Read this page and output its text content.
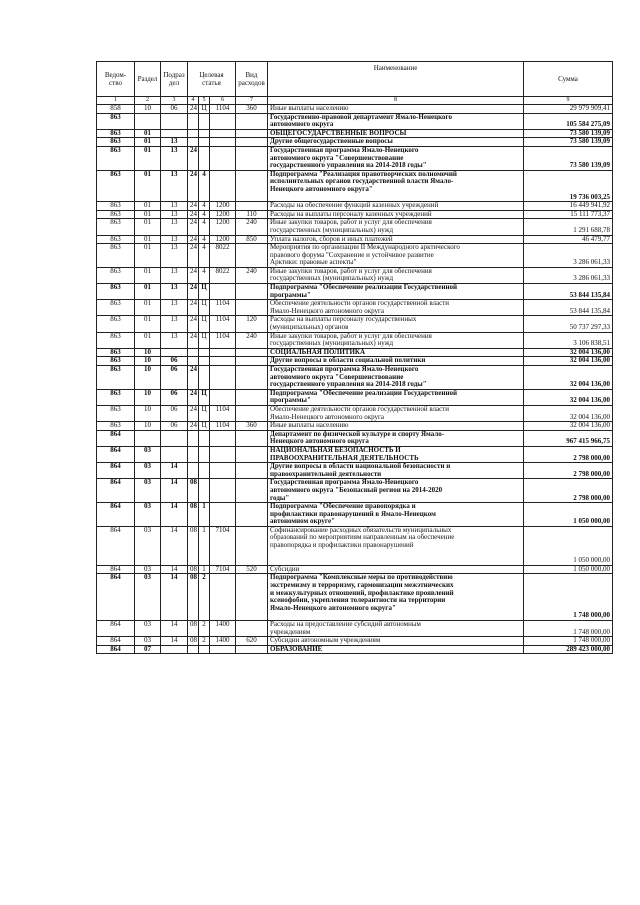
Ведом-ство	Раздел	Подраз дел	Целевая статья			Вид расходов	Наименование	Сумма
1	2	3	4	5	6	7	8	9
858	10	06	24	Ц	1104	360	Иные выплаты населению	29 979 909,41
863							Государственно-правовой департамент Ямало-Ненецкого
автономного округа	105 584 275,09
863	01						ОБЩЕГОСУДАРСТВЕННЫЕ ВОПРОСЫ	73 580 139,09
863	01	13					Другие общегосударственные вопросы	73 580 139,09
863	01	13	24				Государственная программа Ямало-Ненецкого
автономного округа "Совершенствование
государственного управления на 2014-2018 годы"	73 580 139,09
863	01	13	24	4			Подпрограмма "Реализация правотворческих полномочий
исполнительных органов государственной власти Ямало-
Ненецкого автономного округа"	19 736 003,25
863	01	13	24	4	1200		Расходы на обеспечение функций казенных учреждений	16 449 941,92
863	01	13	24	4	1200	110	Расходы на выплаты персоналу казенных учреждений	15 111 773,37
863	01	13	24	4	1200	240	Иные закупки товаров, работ и услуг для обеспечения
государственных (муниципальных) нужд	1 291 688,78
863	01	13	24	4	1200	850	Уплата налогов, сборов и иных платежей	46 479,77
863	01	13	24	4	8022		Мероприятия по организации II Международного арктического
правового форума "Сохранение и устойчивое развитие
Арктики: правовые аспекты"	3 286 061,33
863	01	13	24	4	8022	240	Иные закупки товаров, работ и услуг для обеспечения
государственных (муниципальных) нужд	3 286 061,33
863	01	13	24	Ц			Подпрограмма "Обеспечение реализации Государственной
программы"	53 844 135,84
863	01	13	24	Ц	1104		Обеспечение деятельности органов государственной власти
Ямало-Ненецкого автономного округа	53 844 135,84
863	01	13	24	Ц	1104	120	Расходы на выплаты персоналу государственных
(муниципальных) органов	50 737 297,33
863	01	13	24	Ц	1104	240	Иные закупки товаров, работ и услуг для обеспечения
государственных (муниципальных) нужд	3 106 838,51
863	10						СОЦИАЛЬНАЯ ПОЛИТИКА	32 004 136,00
863	10	06					Другие вопросы в области социальной политики	32 004 136,00
863	10	06	24				Государственная программа Ямало-Ненецкого
автономного округа "Совершенствование
государственного управления на 2014-2018 годы"	32 004 136,00
863	10	06	24	Ц			Подпрограмма "Обеспечение реализации Государственной
программы"	32 004 136,00
863	10	06	24	Ц	1104		Обеспечение деятельности органов государственной власти
Ямало-Ненецкого автономного округа	32 004 136,00
863	10	06	24	Ц	1104	360	Иные выплаты населению	32 004 136,00
864							Департамент по физической культуре и спорту Ямало-
Ненецкого автономного округа	967 415 966,75
864	03						НАЦИОНАЛЬНАЯ БЕЗОПАСНОСТЬ И
ПРАВООХРАНИТЕЛЬНАЯ ДЕЯТЕЛЬНОСТЬ	2 798 000,00
864	03	14					Другие вопросы в области национальной безопасности и
правоохранительной деятельности	2 798 000,00
864	03	14	08				Государственная программа Ямало-Ненецкого
автономного округа "Безопасный регион на 2014-2020
годы"	2 798 000,00
864	03	14	08	1			Подпрограмма "Обеспечение правопорядка и
профилактики правонарушений в Ямало-Ненецком
автономном округе"	1 050 000,00
864	03	14	08	1	7104		Софинансирование расходных обязательств муниципальных
образований по мероприятиям направленным на обеспечение
правопорядка и профилактики правонарушений	1 050 000,00
864	03	14	08	1	7104	520	Субсидии	1 050 000,00
864	03	14	08	2			Подпрограмма "Комплексные меры по противодействию
экстремизму и терроризму, гармонизации межэтнических
и межкультурных отношений, профилактике проявлений
ксенофобии, укрепления толерантности на территории
Ямало-Ненецкого автономного округа"	1 748 000,00
864	03	14	08	2	1400		Расходы на предоставление субсидий автономным
учреждениям	1 748 000,00
864	03	14	08	2	1400	620	Субсидии автономным учреждениям	1 748 000,00
864	07						ОБРАЗОВАНИЕ	289 423 000,00
